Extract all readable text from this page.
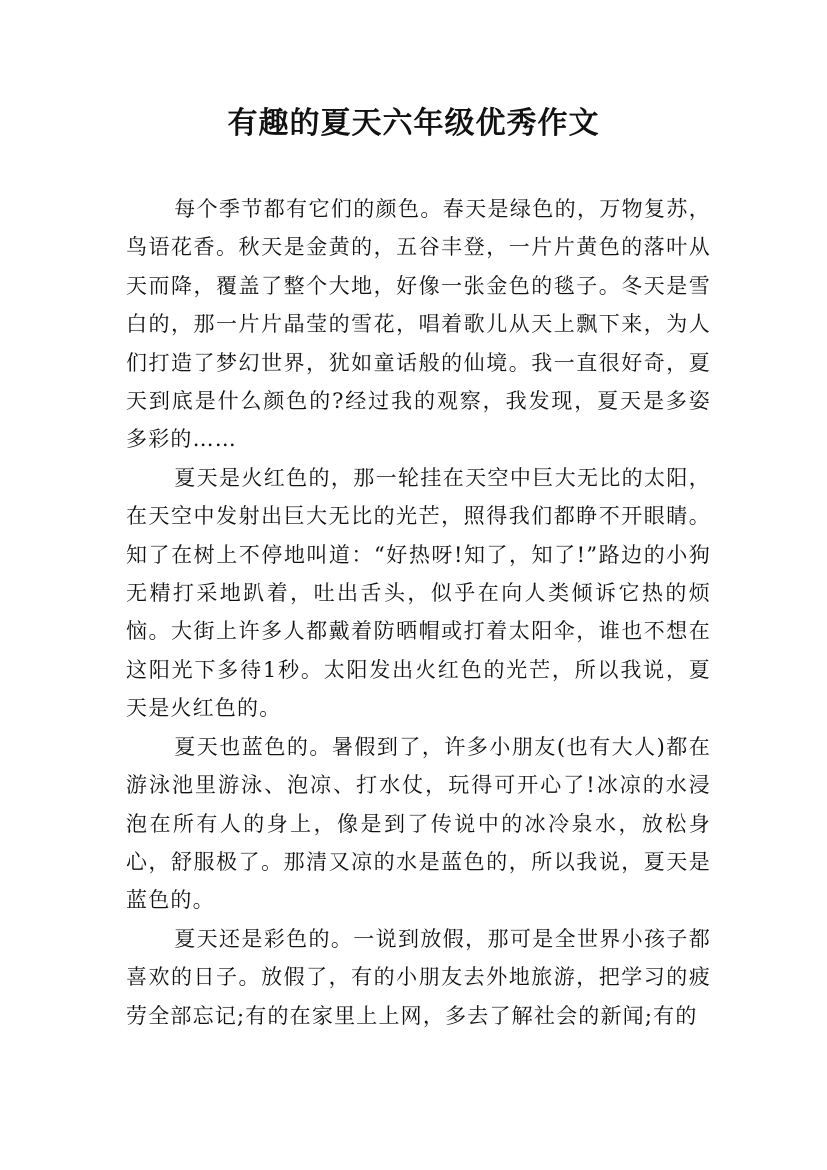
有趣的夏天六年级优秀作文

每个季节都有它们的颜色。春天是绿色的，万物复苏，鸟语花香。秋天是金黄的，五谷丰登，一片片黄色的落叶从天而降，覆盖了整个大地，好像一张金色的毯子。冬天是雪白的，那一片片晶莹的雪花，唱着歌儿从天上飘下来，为人们打造了梦幻世界，犹如童话般的仙境。我一直很好奇，夏天到底是什么颜色的?经过我的观察，我发现，夏天是多姿多彩的……

夏天是火红色的，那一轮挂在天空中巨大无比的太阳，在天空中发射出巨大无比的光芒，照得我们都睁不开眼睛。知了在树上不停地叫道：“好热呀!知了，知了!”路边的小狗无精打采地趴着，吐出舌头，似乎在向人类倾诉它热的烦恼。大街上许多人都戴着防晒帽或打着太阳伞，谁也不想在这阳光下多待1秒。太阳发出火红色的光芒，所以我说，夏天是火红色的。

夏天也蓝色的。暑假到了，许多小朋友(也有大人)都在游泳池里游泳、泡凉、打水仗，玩得可开心了!冰凉的水浸泡在所有人的身上，像是到了传说中的冰冷泉水，放松身心，舒服极了。那清又凉的水是蓝色的，所以我说，夏天是蓝色的。

夏天还是彩色的。一说到放假，那可是全世界小孩子都喜欢的日子。放假了，有的小朋友去外地旅游，把学习的疲劳全部忘记;有的在家里上上网，多去了解社会的新闻;有的
